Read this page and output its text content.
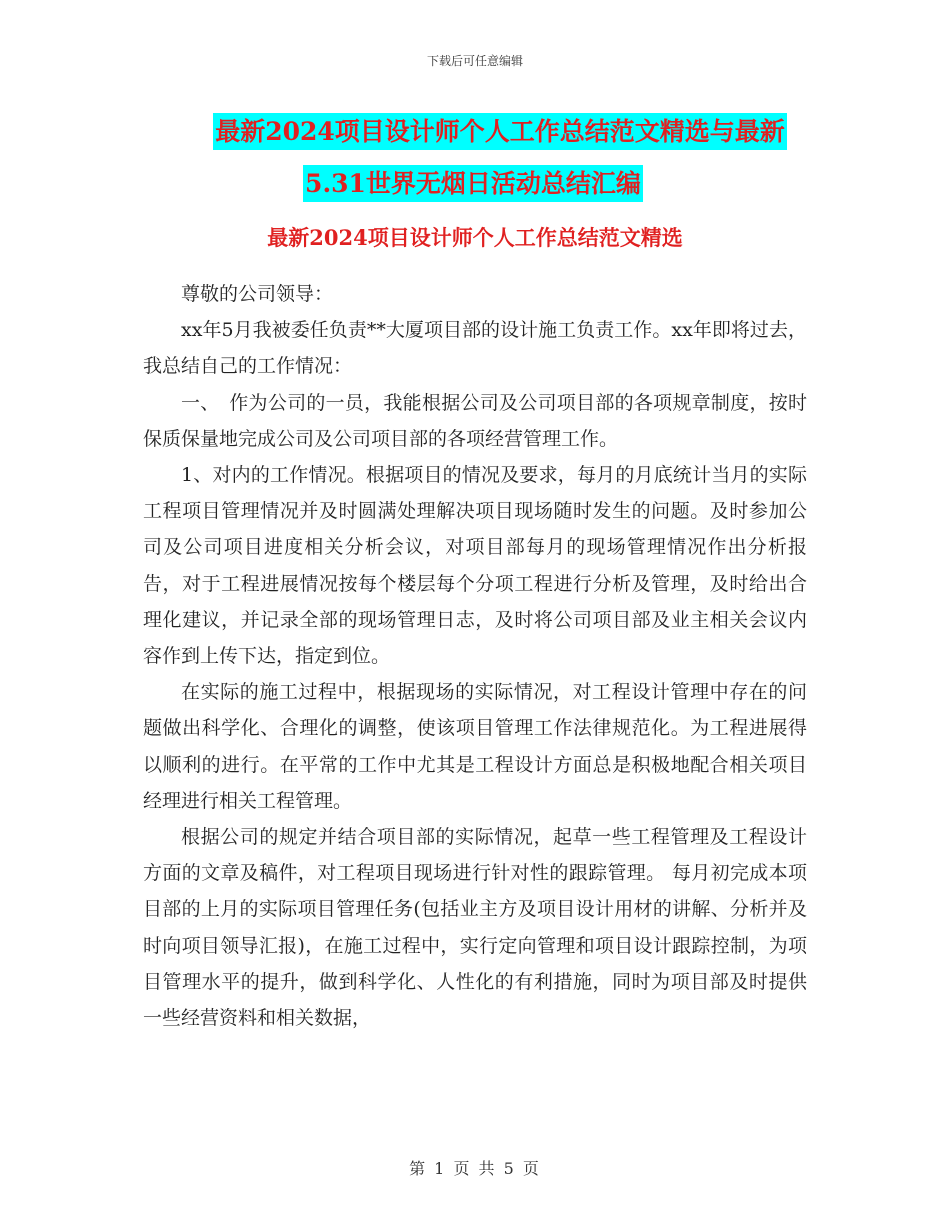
下载后可任意编辑
最新2024项目设计师个人工作总结范文精选与最新
5.31世界无烟日活动总结汇编
最新2024项目设计师个人工作总结范文精选

尊敬的公司领导：

xx年5月我被委任负责**大厦项目部的设计施工负责工作。xx年即将过去，我总结自己的工作情况：

一、　作为公司的一员，我能根据公司及公司项目部的各项规章制度，按时保质保量地完成公司及公司项目部的各项经营管理工作。

1、对内的工作情况。根据项目的情况及要求，每月的月底统计当月的实际工程项目管理情况并及时圆满处理解决项目现场随时发生的问题。及时参加公司及公司项目进度相关分析会议，对项目部每月的现场管理情况作出分析报告，对于工程进展情况按每个楼层每个分项工程进行分析及管理，及时给出合理化建议，并记录全部的现场管理日志，及时将公司项目部及业主相关会议内容作到上传下达，指定到位。

在实际的施工过程中，根据现场的实际情况，对工程设计管理中存在的问题做出科学化、合理化的调整，使该项目管理工作法律规范化。为工程进展得以顺利的进行。在平常的工作中尤其是工程设计方面总是积极地配合相关项目经理进行相关工程管理。

根据公司的规定并结合项目部的实际情况，起草一些工程管理及工程设计方面的文章及稿件，对工程项目现场进行针对性的跟踪管理。 每月初完成本项目部的上月的实际项目管理任务(包括业主方及项目设计用材的讲解、分析并及时向项目领导汇报)，在施工过程中，实行定向管理和项目设计跟踪控制，为项目管理水平的提升，做到科学化、人性化的有利措施，同时为项目部及时提供一些经营资料和相关数据，

第 1 页 共 5 页
